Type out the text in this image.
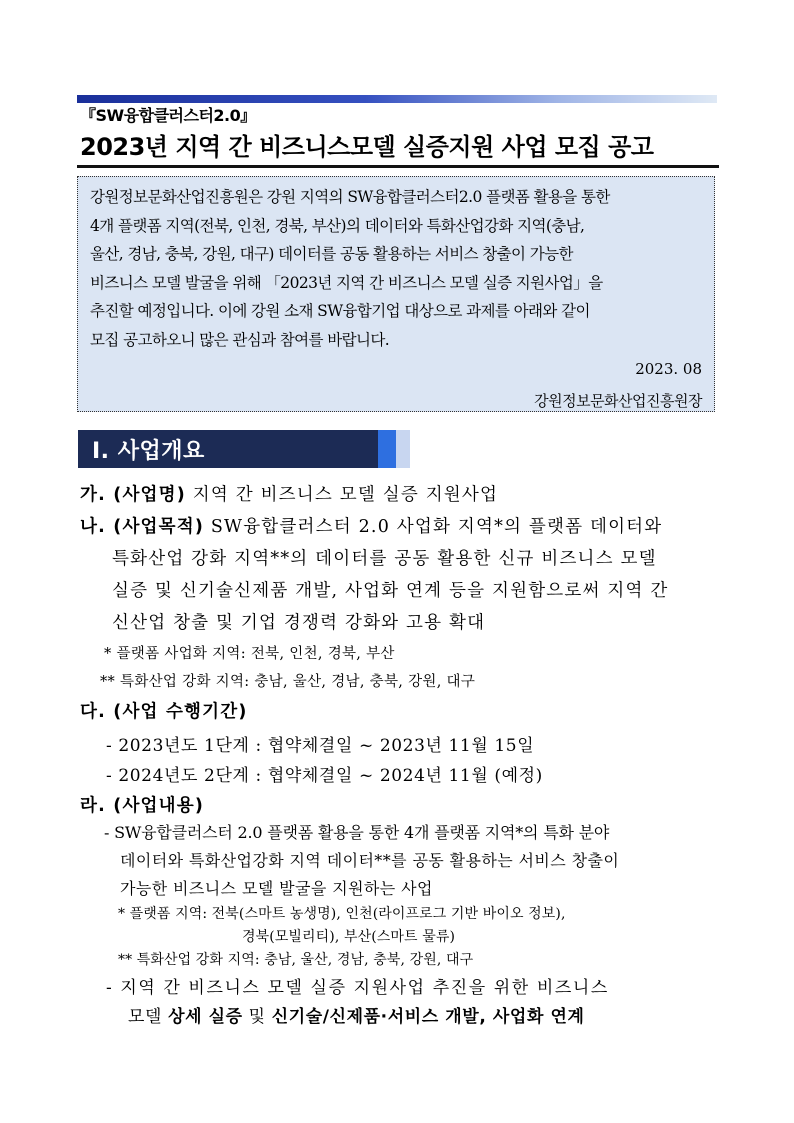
『SW융합클러스터2.0』
2023년 지역 간 비즈니스모델 실증지원 사업 모집 공고
강원정보문화산업진흥원은 강원 지역의 SW융합클러스터2.0 플랫폼 활용을 통한
4개 플랫폼 지역(전북, 인천, 경북, 부산)의 데이터와 특화산업강화 지역(충남,
울산, 경남, 충북, 강원, 대구) 데이터를 공동 활용하는 서비스 창출이 가능한
비즈니스 모델 발굴을 위해 「2023년 지역 간 비즈니스 모델 실증 지원사업」을
추진할 예정입니다. 이에 강원 소재 SW융합기업 대상으로 과제를 아래와 같이
모집 공고하오니 많은 관심과 참여를 바랍니다.
2023. 08
강원정보문화산업진흥원장
Ⅰ. 사업개요
가. (사업명) 지역 간 비즈니스 모델 실증 지원사업
나. (사업목적) SW융합클러스터 2.0 사업화 지역*의 플랫폼 데이터와
특화산업 강화 지역**의 데이터를 공동 활용한 신규 비즈니스 모델
실증 및 신기술신제품 개발, 사업화 연계 등을 지원함으로써 지역 간
신산업 창출 및 기업 경쟁력 강화와 고용 확대
* 플랫폼 사업화 지역: 전북, 인천, 경북, 부산
** 특화산업 강화 지역: 충남, 울산, 경남, 충북, 강원, 대구
다. (사업 수행기간)
- 2023년도 1단계 : 협약체결일 ~ 2023년 11월 15일
- 2024년도 2단계 : 협약체결일 ~ 2024년 11월 (예정)
라. (사업내용)
- SW융합클러스터 2.0 플랫폼 활용을 통한 4개 플랫폼 지역*의 특화 분야
데이터와 특화산업강화 지역 데이터**를 공동 활용하는 서비스 창출이
가능한 비즈니스 모델 발굴을 지원하는 사업
* 플랫폼 지역: 전북(스마트 농생명), 인천(라이프로그 기반 바이오 정보),
경북(모빌리티), 부산(스마트 물류)
** 특화산업 강화 지역: 충남, 울산, 경남, 충북, 강원, 대구
- 지역 간 비즈니스 모델 실증 지원사업 추진을 위한 비즈니스
모델 상세 실증 및 신기술/신제품·서비스 개발, 사업화 연계
